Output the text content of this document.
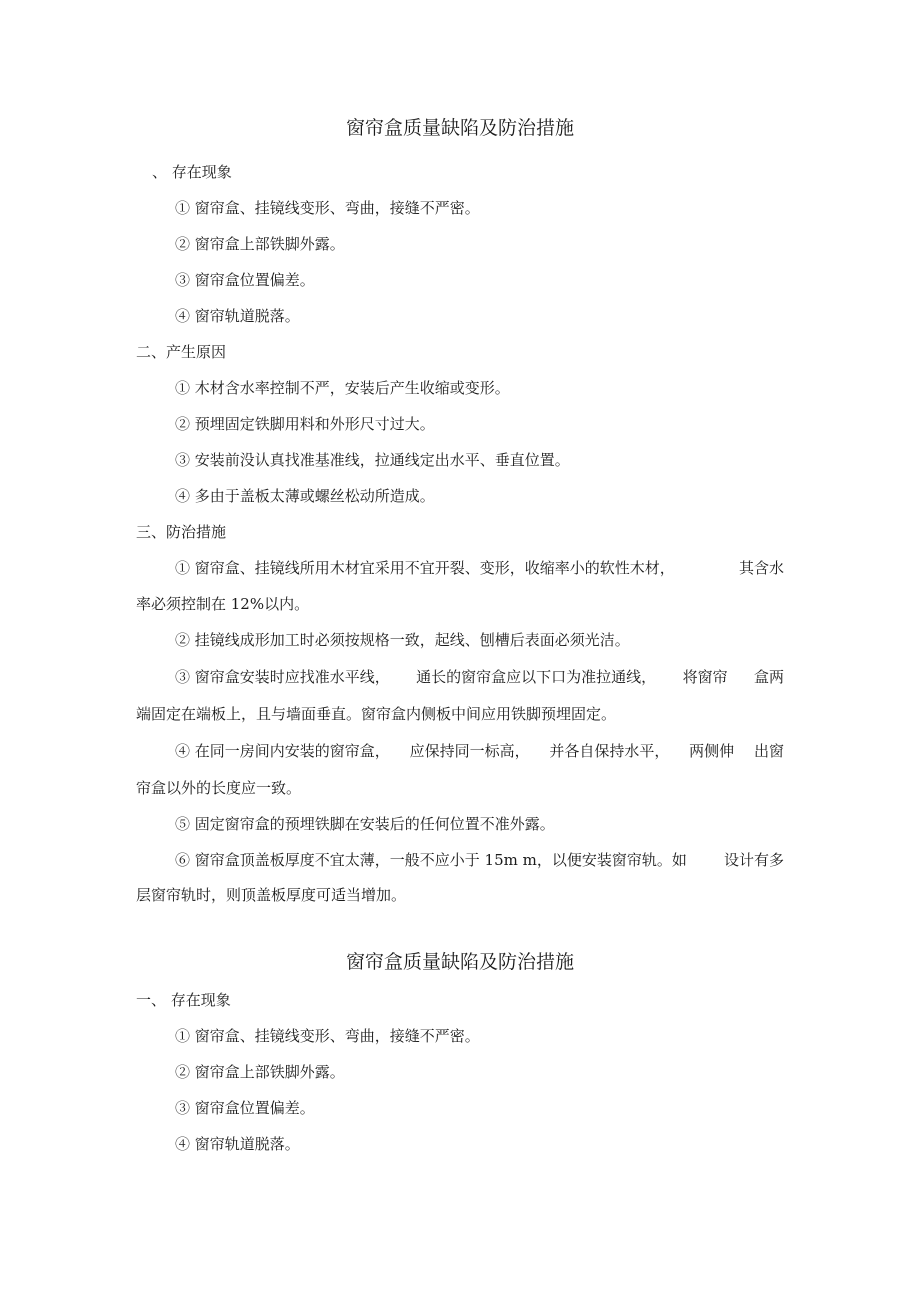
窗帘盒质量缺陷及防治措施
、 存在现象
① 窗帘盒、挂镜线变形、弯曲，接缝不严密。
② 窗帘盒上部铁脚外露。
③ 窗帘盒位置偏差。
④ 窗帘轨道脱落。
二、产生原因
① 木材含水率控制不严，安装后产生收缩或变形。
② 预埋固定铁脚用料和外形尺寸过大。
③ 安装前没认真找准基准线，拉通线定出水平、垂直位置。
④ 多由于盖板太薄或螺丝松动所造成。
三、防治措施
① 窗帘盒、挂镜线所用木材宜采用不宜开裂、变形，收缩率小的软性木材，	其含水
率必须控制在 12%以内。
② 挂镜线成形加工时必须按规格一致，起线、刨槽后表面必须光洁。
③ 窗帘盒安装时应找准水平线， 通长的窗帘盒应以下口为准拉通线， 将窗帘 盒两
端固定在端板上，且与墙面垂直。窗帘盒内侧板中间应用铁脚预埋固定。
④ 在同一房间内安装的窗帘盒， 应保持同一标高， 并各自保持水平， 两侧伸 出窗
帘盒以外的长度应一致。
⑤ 固定窗帘盒的预埋铁脚在安装后的任何位置不准外露。
⑥ 窗帘盒顶盖板厚度不宜太薄，一般不应小于 15m m，以便安装窗帘轨。如 设计有多
层窗帘轨时，则顶盖板厚度可适当增加。
窗帘盒质量缺陷及防治措施
一、 存在现象
① 窗帘盒、挂镜线变形、弯曲，接缝不严密。
② 窗帘盒上部铁脚外露。
③ 窗帘盒位置偏差。
④ 窗帘轨道脱落。
